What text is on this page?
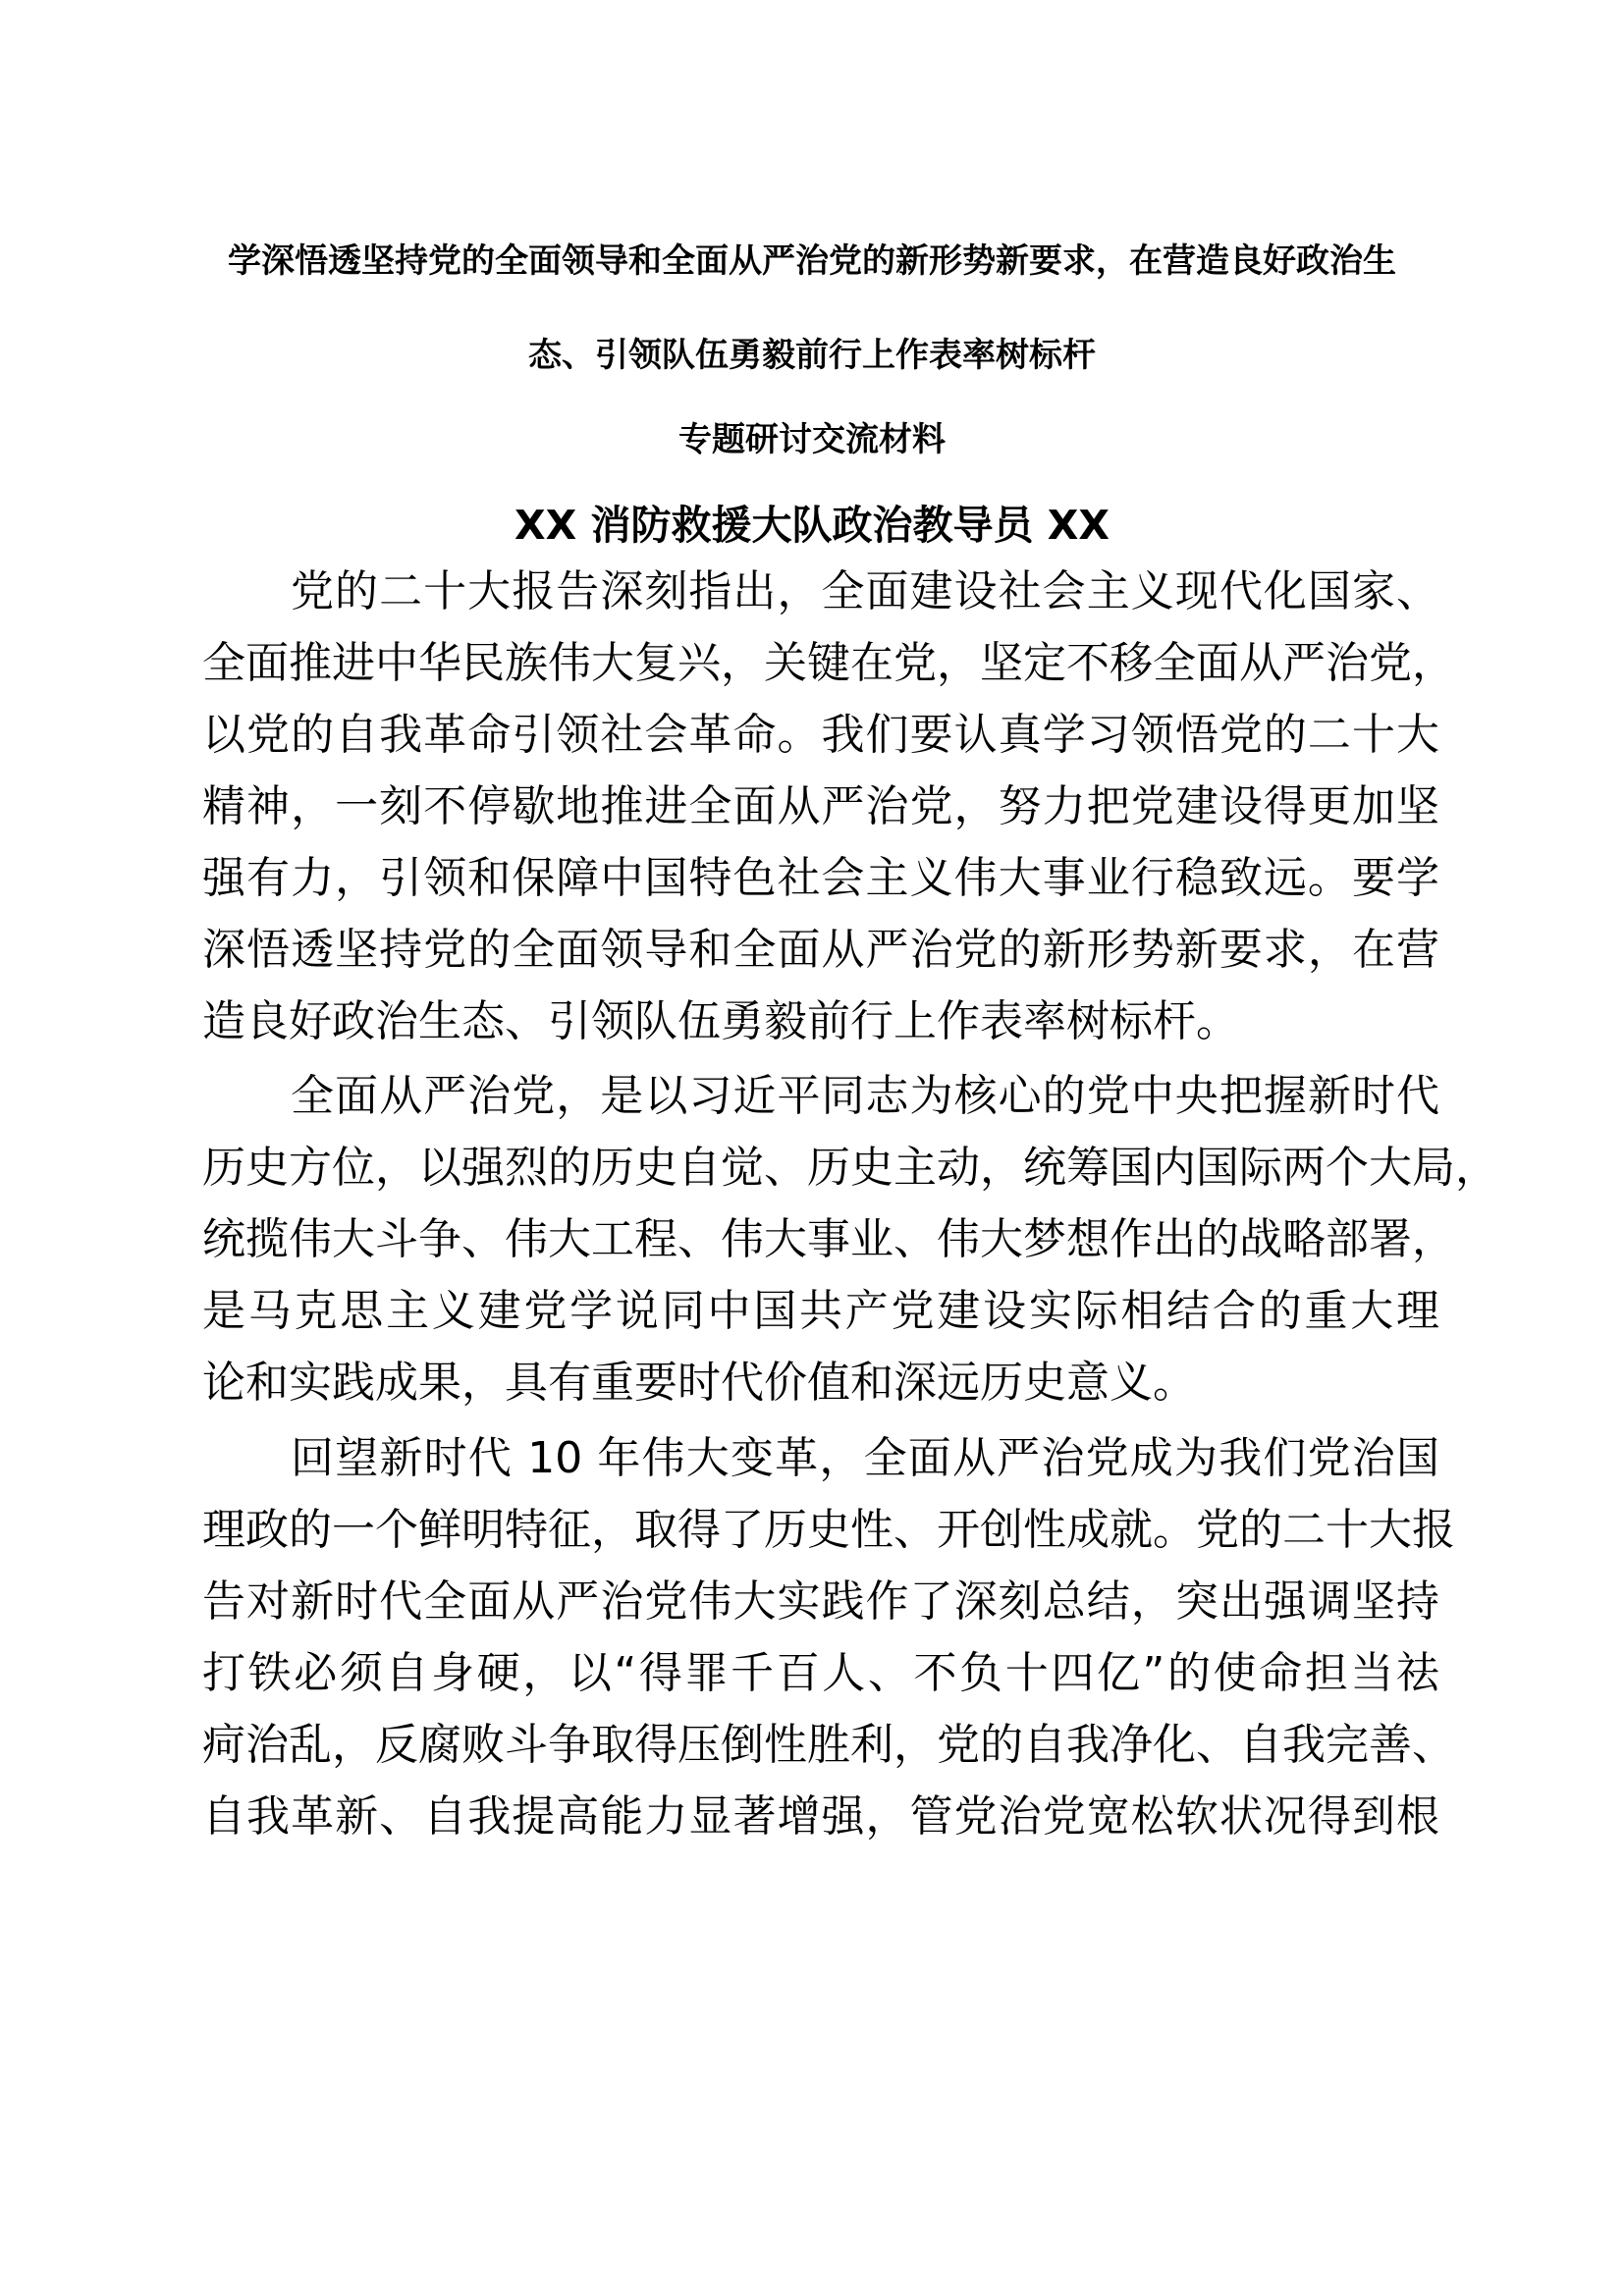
学深悟透坚持党的全面领导和全面从严治党的新形势新要求，在营造良好政治生
态、引领队伍勇毅前行上作表率树标杆
专题研讨交流材料
XX 消防救援大队政治教导员 XX
党的二十大报告深刻指出，全面建设社会主义现代化国家、
全面推进中华民族伟大复兴，关键在党，坚定不移全面从严治党，
以党的自我革命引领社会革命。我们要认真学习领悟党的二十大
精神，一刻不停歇地推进全面从严治党，努力把党建设得更加坚
强有力，引领和保障中国特色社会主义伟大事业行稳致远。要学
深悟透坚持党的全面领导和全面从严治党的新形势新要求，在营
造良好政治生态、引领队伍勇毅前行上作表率树标杆。
全面从严治党，是以习近平同志为核心的党中央把握新时代
历史方位，以强烈的历史自觉、历史主动，统筹国内国际两个大局，
统揽伟大斗争、伟大工程、伟大事业、伟大梦想作出的战略部署，
是马克思主义建党学说同中国共产党建设实际相结合的重大理
论和实践成果，具有重要时代价值和深远历史意义。
回望新时代 10 年伟大变革，全面从严治党成为我们党治国
理政的一个鲜明特征，取得了历史性、开创性成就。党的二十大报
告对新时代全面从严治党伟大实践作了深刻总结，突出强调坚持
打铁必须自身硬，以“得罪千百人、不负十四亿”的使命担当祛
疴治乱，反腐败斗争取得压倒性胜利，党的自我净化、自我完善、
自我革新、自我提高能力显著增强，管党治党宽松软状况得到根
